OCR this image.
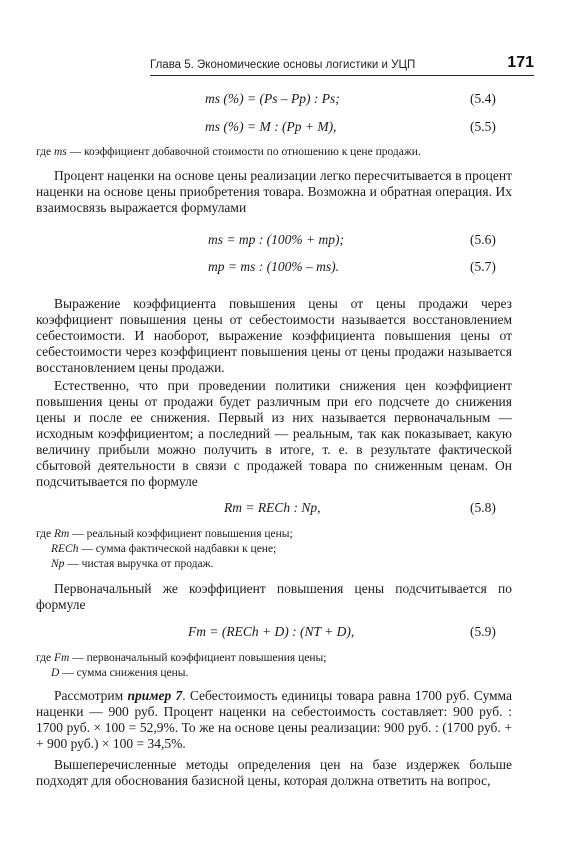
Глава 5. Экономические основы логистики и УЦП	171
ms (%) = (Ps – Pp) : Ps;	(5.4)
ms (%) = M : (Pp + M),	(5.5)
где ms — коэффициент добавочной стоимости по отношению к цене продажи.
Процент наценки на основе цены реализации легко пересчитывается в процент наценки на основе цены приобретения товара. Возможна и обратная операция. Их взаимосвязь выражается формулами
ms = mp : (100% + mp);	(5.6)
mp = ms : (100% – ms).	(5.7)
Выражение коэффициента повышения цены от цены продажи через коэффициент повышения цены от себестоимости называется восстановлением себестоимости. И наоборот, выражение коэффициента повышения цены от себестоимости через коэффициент повышения цены от цены продажи называется восстановлением цены продажи.
Естественно, что при проведении политики снижения цен коэффициент повышения цены от продажи будет различным при его подсчете до снижения цены и после ее снижения. Первый из них называется первоначальным — исходным коэффициентом; а последний — реальным, так как показывает, какую величину прибыли можно получить в итоге, т. е. в результате фактической сбытовой деятельности в связи с продажей товара по сниженным ценам. Он подсчитывается по формуле
Rm = RECh : Np,	(5.8)
где Rm — реальный коэффициент повышения цены;
RECh — сумма фактической надбавки к цене;
Np — чистая выручка от продаж.
Первоначальный же коэффициент повышения цены подсчитывается по формуле
Fm = (RECh + D) : (NT + D),	(5.9)
где Fm — первоначальный коэффициент повышения цены;
D — сумма снижения цены.
Рассмотрим пример 7. Себестоимость единицы товара равна 1700 руб. Сумма наценки — 900 руб. Процент наценки на себестоимость составляет: 900 руб. : 1700 руб. × 100 = 52,9%. То же на основе цены реализации: 900 руб. : (1700 руб. + + 900 руб.) × 100 = 34,5%.
Вышеперечисленные методы определения цен на базе издержек больше подходят для обоснования базисной цены, которая должна ответить на вопрос,
